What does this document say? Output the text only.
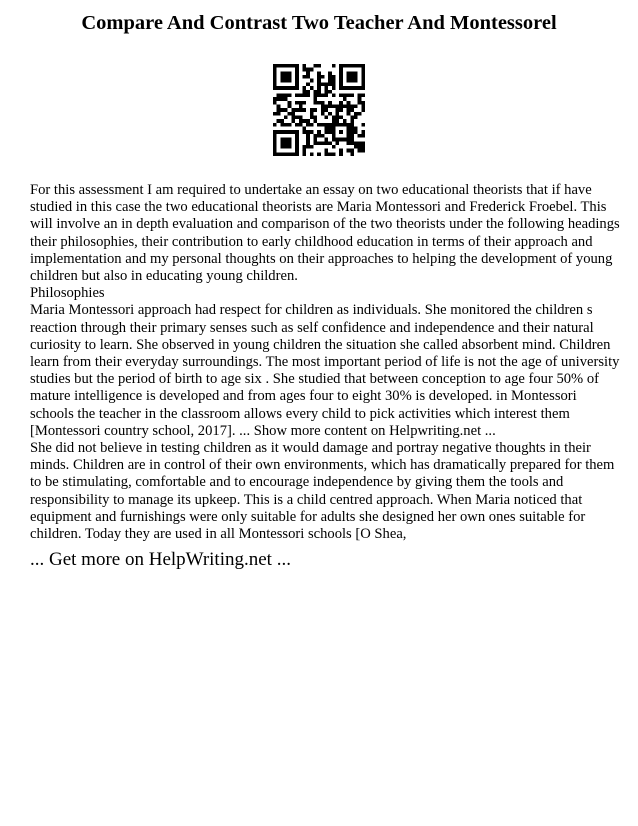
Compare And Contrast Two Teacher And Montessorel

For this assessment I am required to undertake an essay on two educational theorists that if have studied in this case the two educational theorists are Maria Montessori and Frederick Froebel. This will involve an in depth evaluation and comparison of the two theorists under the following headings their philosophies, their contribution to early childhood education in terms of their approach and implementation and my personal thoughts on their approaches to helping the development of young children but also in educating young children.

Philosophies

Maria Montessori approach had respect for children as individuals. She monitored the children s reaction through their primary senses such as self confidence and independence and their natural curiosity to learn. She observed in young children the situation she called absorbent mind. Children learn from their everyday surroundings. The most important period of life is not the age of university studies but the period of birth to age six . She studied that between conception to age four 50% of mature intelligence is developed and from ages four to eight 30% is developed. in Montessori schools the teacher in the classroom allows every child to pick activities which interest them [Montessori country school, 2017]. ... Show more content on Helpwriting.net ...

She did not believe in testing children as it would damage and portray negative thoughts in their minds. Children are in control of their own environments, which has dramatically prepared for them to be stimulating, comfortable and to encourage independence by giving them the tools and responsibility to manage its upkeep. This is a child centred approach. When Maria noticed that equipment and furnishings were only suitable for adults she designed her own ones suitable for children. Today they are used in all Montessori schools [O Shea,

... Get more on HelpWriting.net ...
